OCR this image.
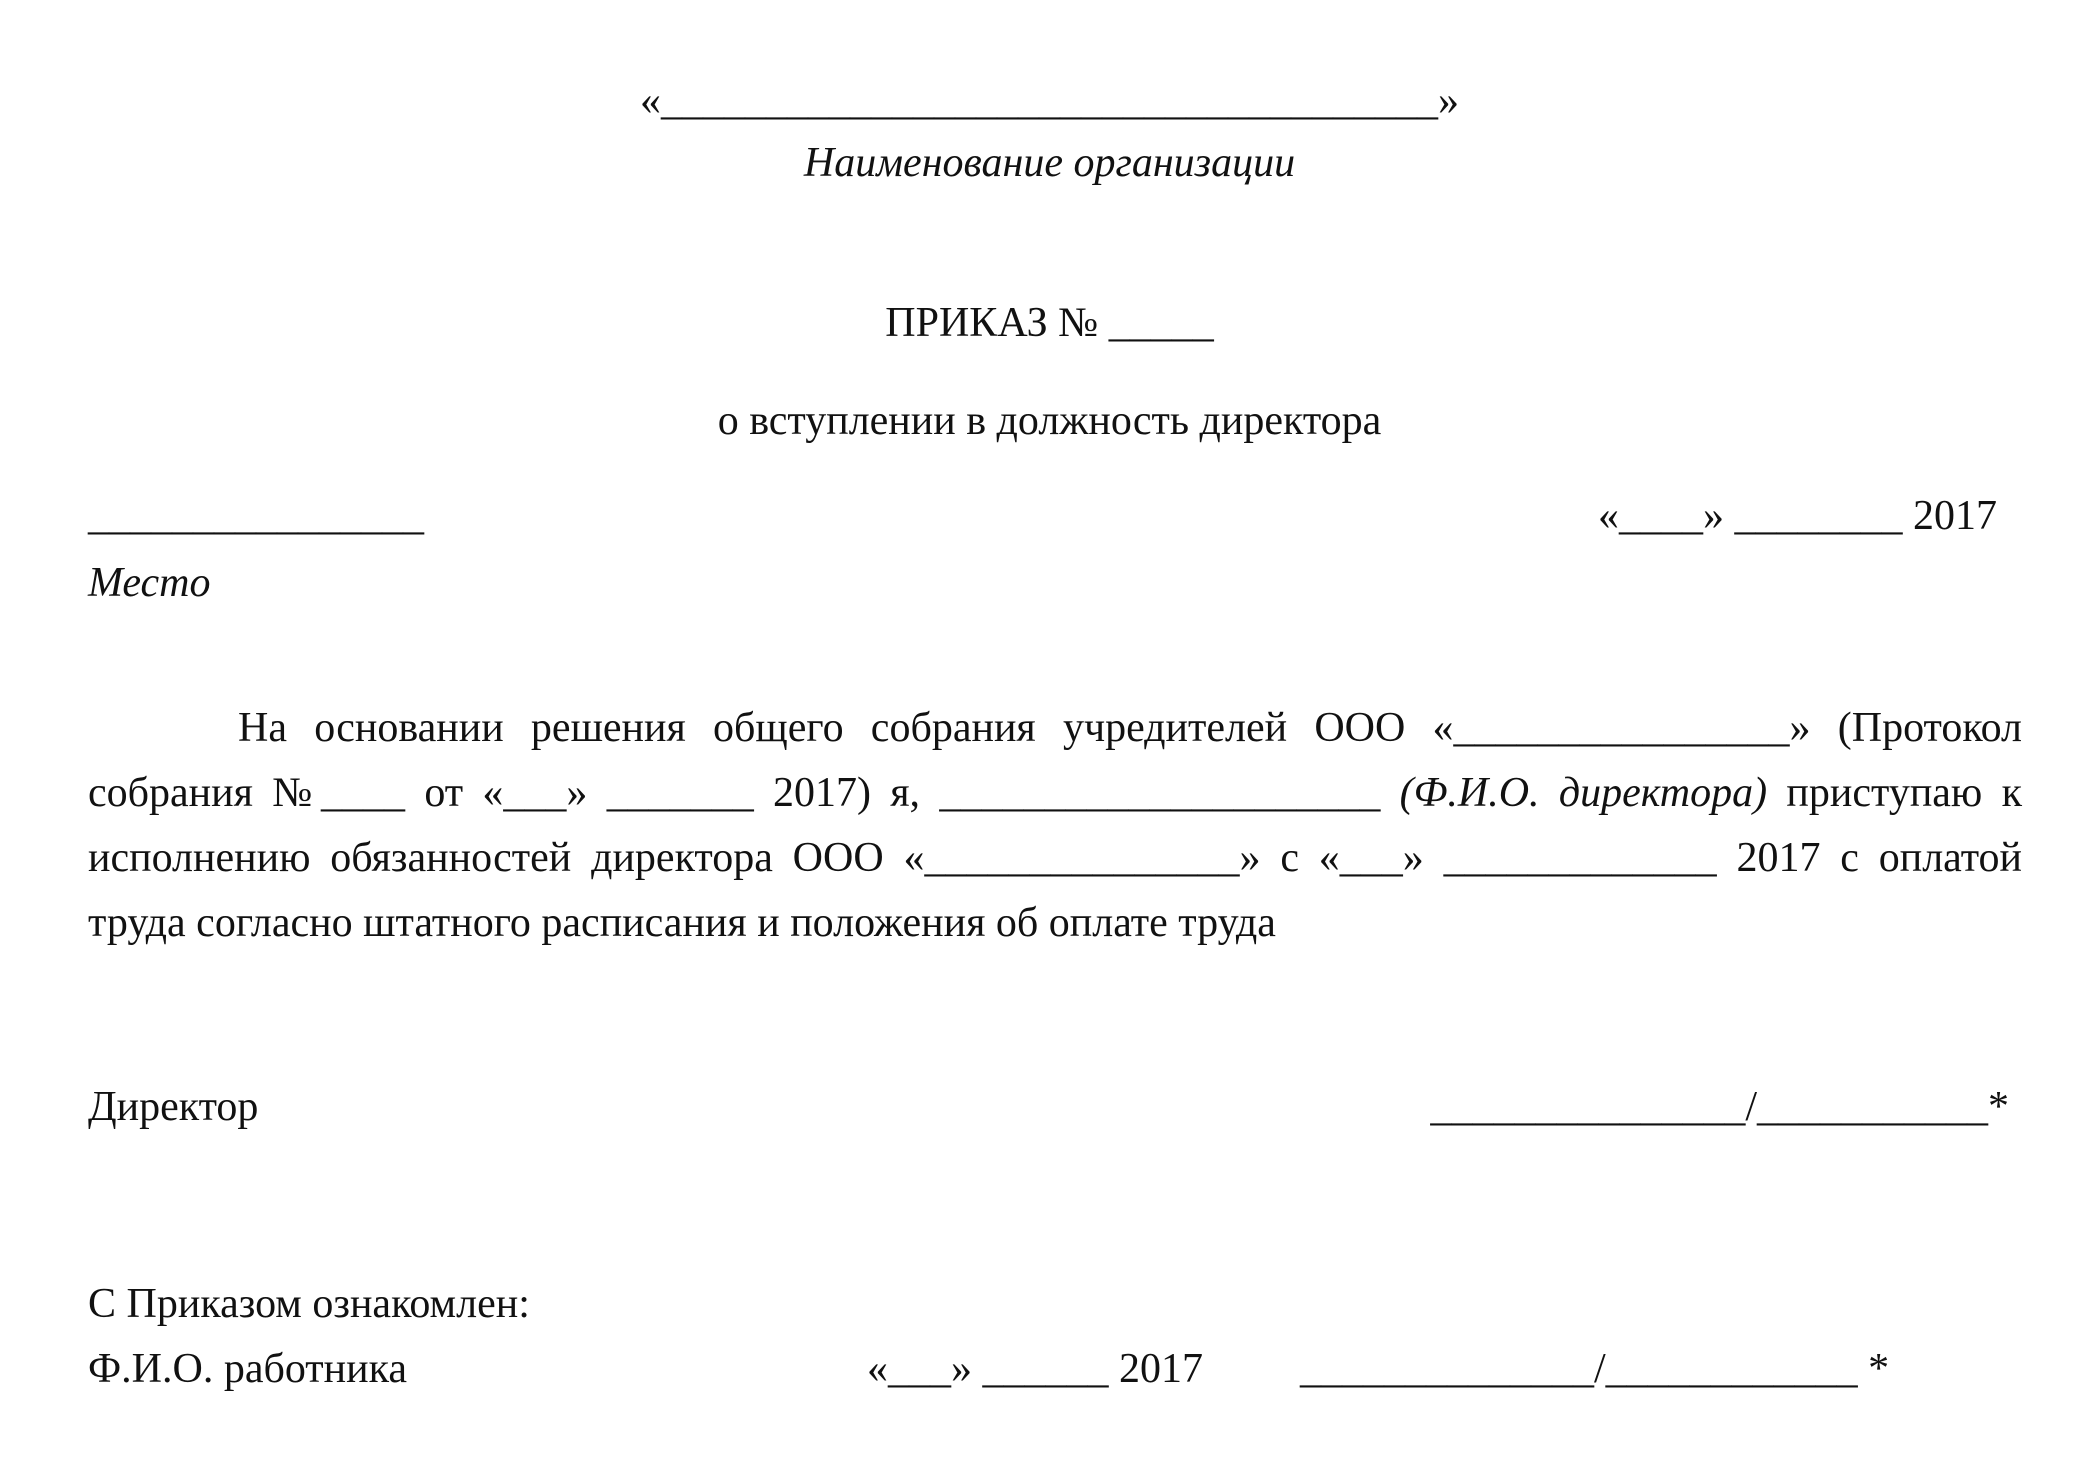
«_____________________________________»
Наименование организации
ПРИКАЗ № _____
о вступлении в должность директора
________________
Место
«____» ________ 2017
На основании решения общего собрания учредителей ООО «________________» (Протокол собрания №____ от «___» _______ 2017) я, _____________________ (Ф.И.О. директора) приступаю к исполнению обязанностей директора ООО «_______________» с «___» _____________ 2017 с оплатой труда согласно штатного расписания и положения об оплате труда
Директор	_______________/___________*
С Приказом ознакомлен:
Ф.И.О. работника	«___» ______ 2017 ______________/____________ *
